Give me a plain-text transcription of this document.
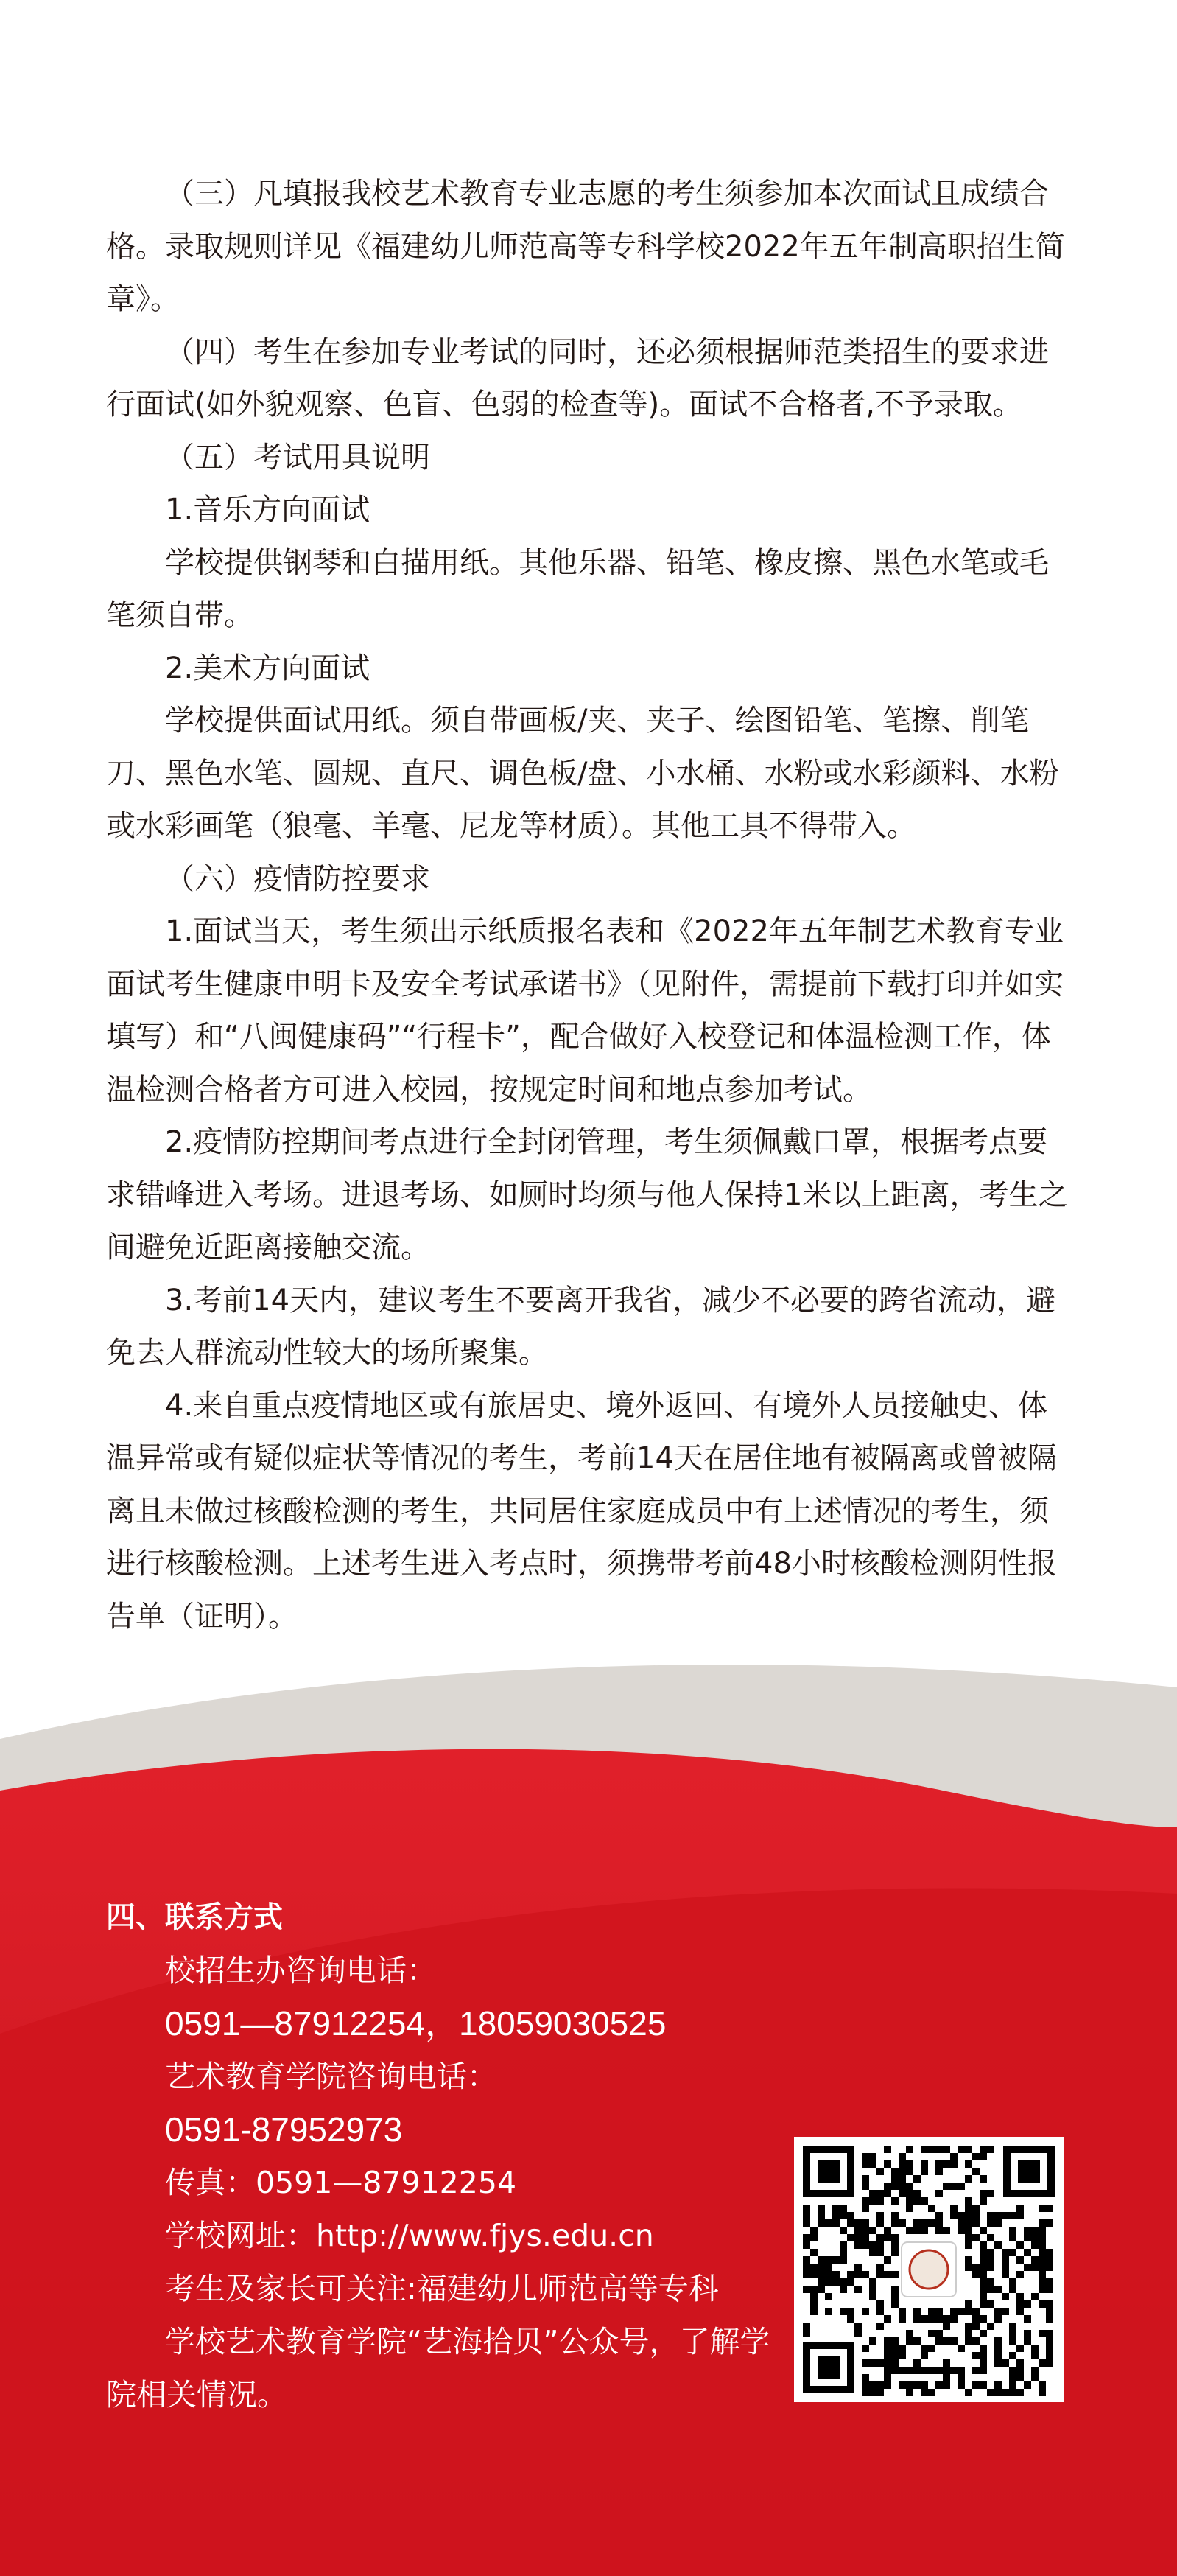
（三）凡填报我校艺术教育专业志愿的考生须参加本次面试且成绩合格。录取规则详见《福建幼儿师范高等专科学校2022年五年制高职招生简章》。

（四）考生在参加专业考试的同时，还必须根据师范类招生的要求进行面试(如外貌观察、色盲、色弱的检查等)。面试不合格者,不予录取。

（五）考试用具说明

1.音乐方向面试

学校提供钢琴和白描用纸。其他乐器、铅笔、橡皮擦、黑色水笔或毛笔须自带。

2.美术方向面试

学校提供面试用纸。须自带画板/夹、夹子、绘图铅笔、笔擦、削笔刀、黑色水笔、圆规、直尺、调色板/盘、小水桶、水粉或水彩颜料、水粉或水彩画笔（狼毫、羊毫、尼龙等材质）。其他工具不得带入。

（六）疫情防控要求

1.面试当天，考生须出示纸质报名表和《2022年五年制艺术教育专业面试考生健康申明卡及安全考试承诺书》（见附件，需提前下载打印并如实填写）和“八闽健康码”“行程卡”，配合做好入校登记和体温检测工作，体温检测合格者方可进入校园，按规定时间和地点参加考试。

2.疫情防控期间考点进行全封闭管理，考生须佩戴口罩，根据考点要求错峰进入考场。进退考场、如厕时均须与他人保持1米以上距离，考生之间避免近距离接触交流。

3.考前14天内，建议考生不要离开我省，减少不必要的跨省流动，避免去人群流动性较大的场所聚集。

4.来自重点疫情地区或有旅居史、境外返回、有境外人员接触史、体温异常或有疑似症状等情况的考生，考前14天在居住地有被隔离或曾被隔离且未做过核酸检测的考生，共同居住家庭成员中有上述情况的考生，须进行核酸检测。上述考生进入考点时，须携带考前48小时核酸检测阴性报告单（证明）。

四、联系方式
校招生办咨询电话：
0591—87912254，18059030525
艺术教育学院咨询电话：
0591-87952973
传真：0591—87912254
学校网址：http://www.fjys.edu.cn
考生及家长可关注:福建幼儿师范高等专科
学校艺术教育学院“艺海拾贝”公众号，了解学院相关情况。
